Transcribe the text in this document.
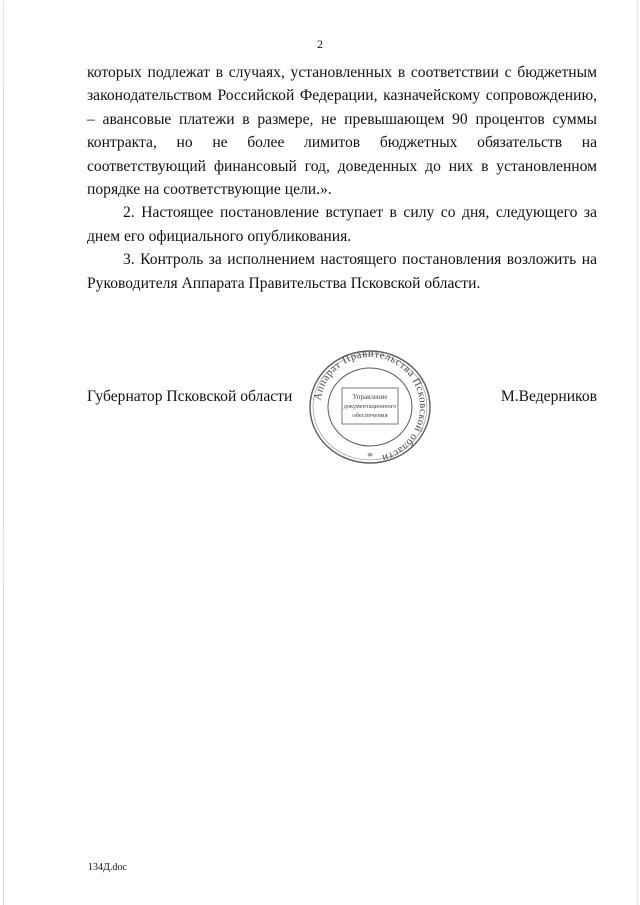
2

которых подлежат в случаях, установленных в соответствии с бюджетным законодательством Российской Федерации, казначейскому сопровождению, – авансовые платежи в размере, не превышающем 90 процентов суммы контракта, но не более лимитов бюджетных обязательств на соответствующий финансовый год, доведенных до них в установленном порядке на соответствующие цели.».

2. Настоящее постановление вступает в силу со дня, следующего за днем его официального опубликования.

3. Контроль за исполнением настоящего постановления возложить на Руководителя Аппарата Правительства Псковской области.

Губернатор Псковской области	М.Ведерников
Аппарат Правительства Псковской области
Управление
документационного
обеспечения
*
134Д.doc
